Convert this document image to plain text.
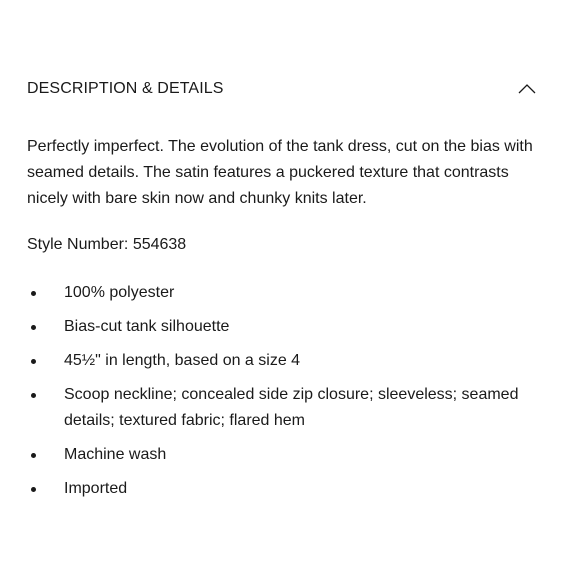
DESCRIPTION & DETAILS

Perfectly imperfect. The evolution of the tank dress, cut on the bias with seamed details. The satin features a puckered texture that contrasts nicely with bare skin now and chunky knits later.

Style Number: 554638

100% polyester
Bias-cut tank silhouette
45½" in length, based on a size 4
Scoop neckline; concealed side zip closure; sleeveless; seamed details; textured fabric; flared hem
Machine wash
Imported
